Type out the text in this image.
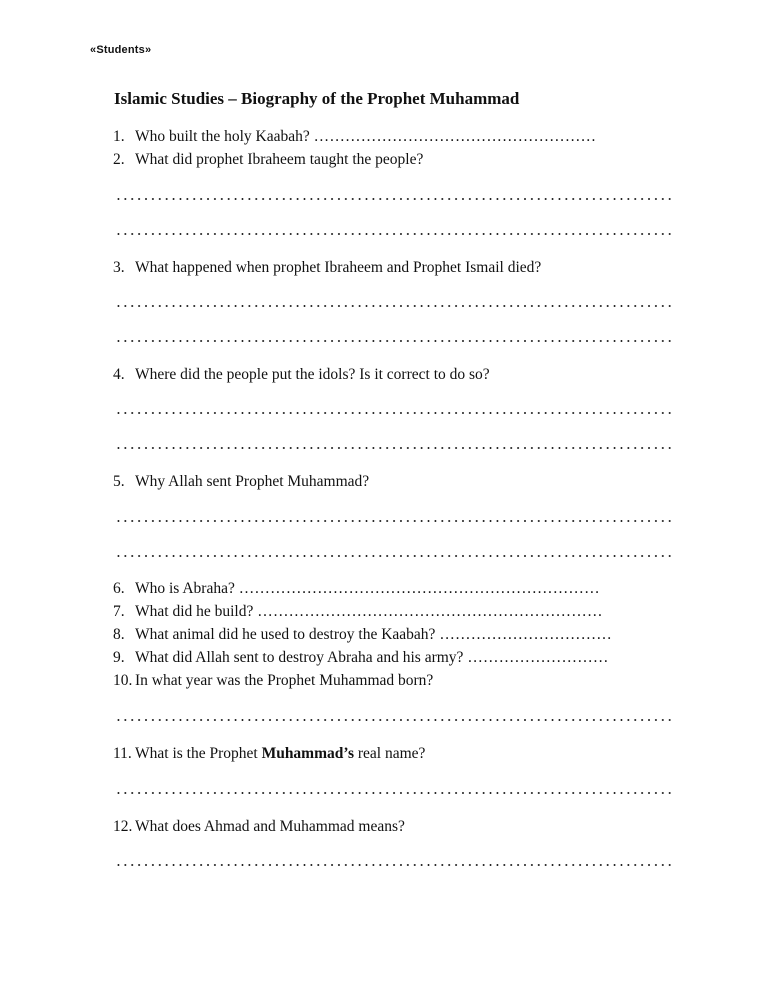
«Students»
Islamic Studies – Biography of the Prophet Muhammad
1. Who built the holy Kaabah? ………………………………………………
2. What did prophet Ibraheem taught the people?
3. What happened when prophet Ibraheem and Prophet Ismail died?
4. Where did the people put the idols? Is it correct to do so?
5. Why Allah sent Prophet Muhammad?
6. Who is Abraha? ……………………………………………………………
7. What did he build? …………………………………………………………
8. What animal did he used to destroy the Kaabah? ……………………………
9. What did Allah sent to destroy Abraha and his army? ………………………
10. In what year was the Prophet Muhammad born?
11. What is the Prophet Muhammad’s real name?
12. What does Ahmad and Muhammad means?
